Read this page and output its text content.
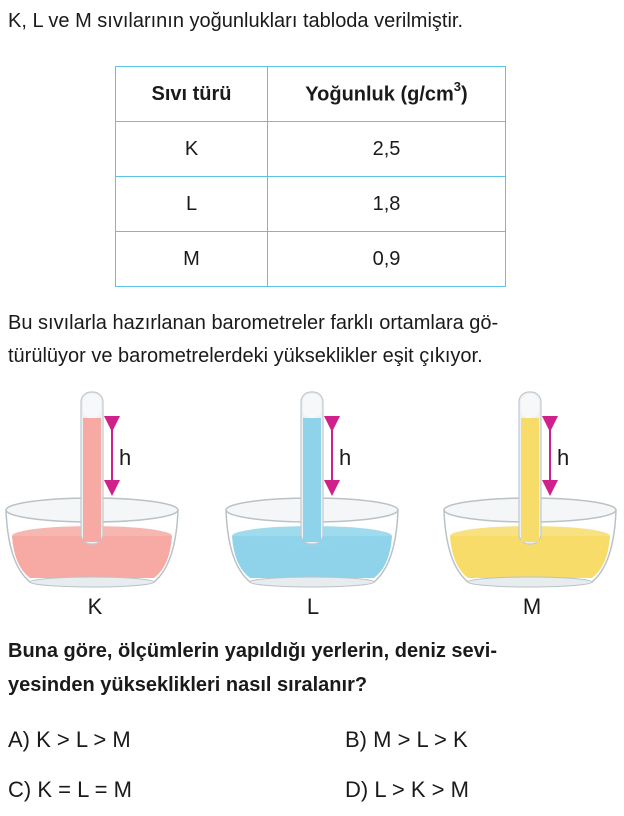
K, L ve M sıvılarının yoğunlukları tabloda verilmiştir.
Sıvı türü	Yoğunluk $(g/cm^3)$
K	2,5
L	1,8
M	0,9
Bu sıvılarla hazırlanan barometreler farklı ortamlara gö-
türülüyor ve barometrelerdeki yükseklikler eşit çıkıyor.
h	h	h
K	L	M
Buna göre, ölçümlerin yapıldığı yerlerin, deniz sevi-
yesinden yükseklikleri nasıl sıralanır?
A) K > L > M	B) M > L > K
C) K = L = M	D) L > K > M
